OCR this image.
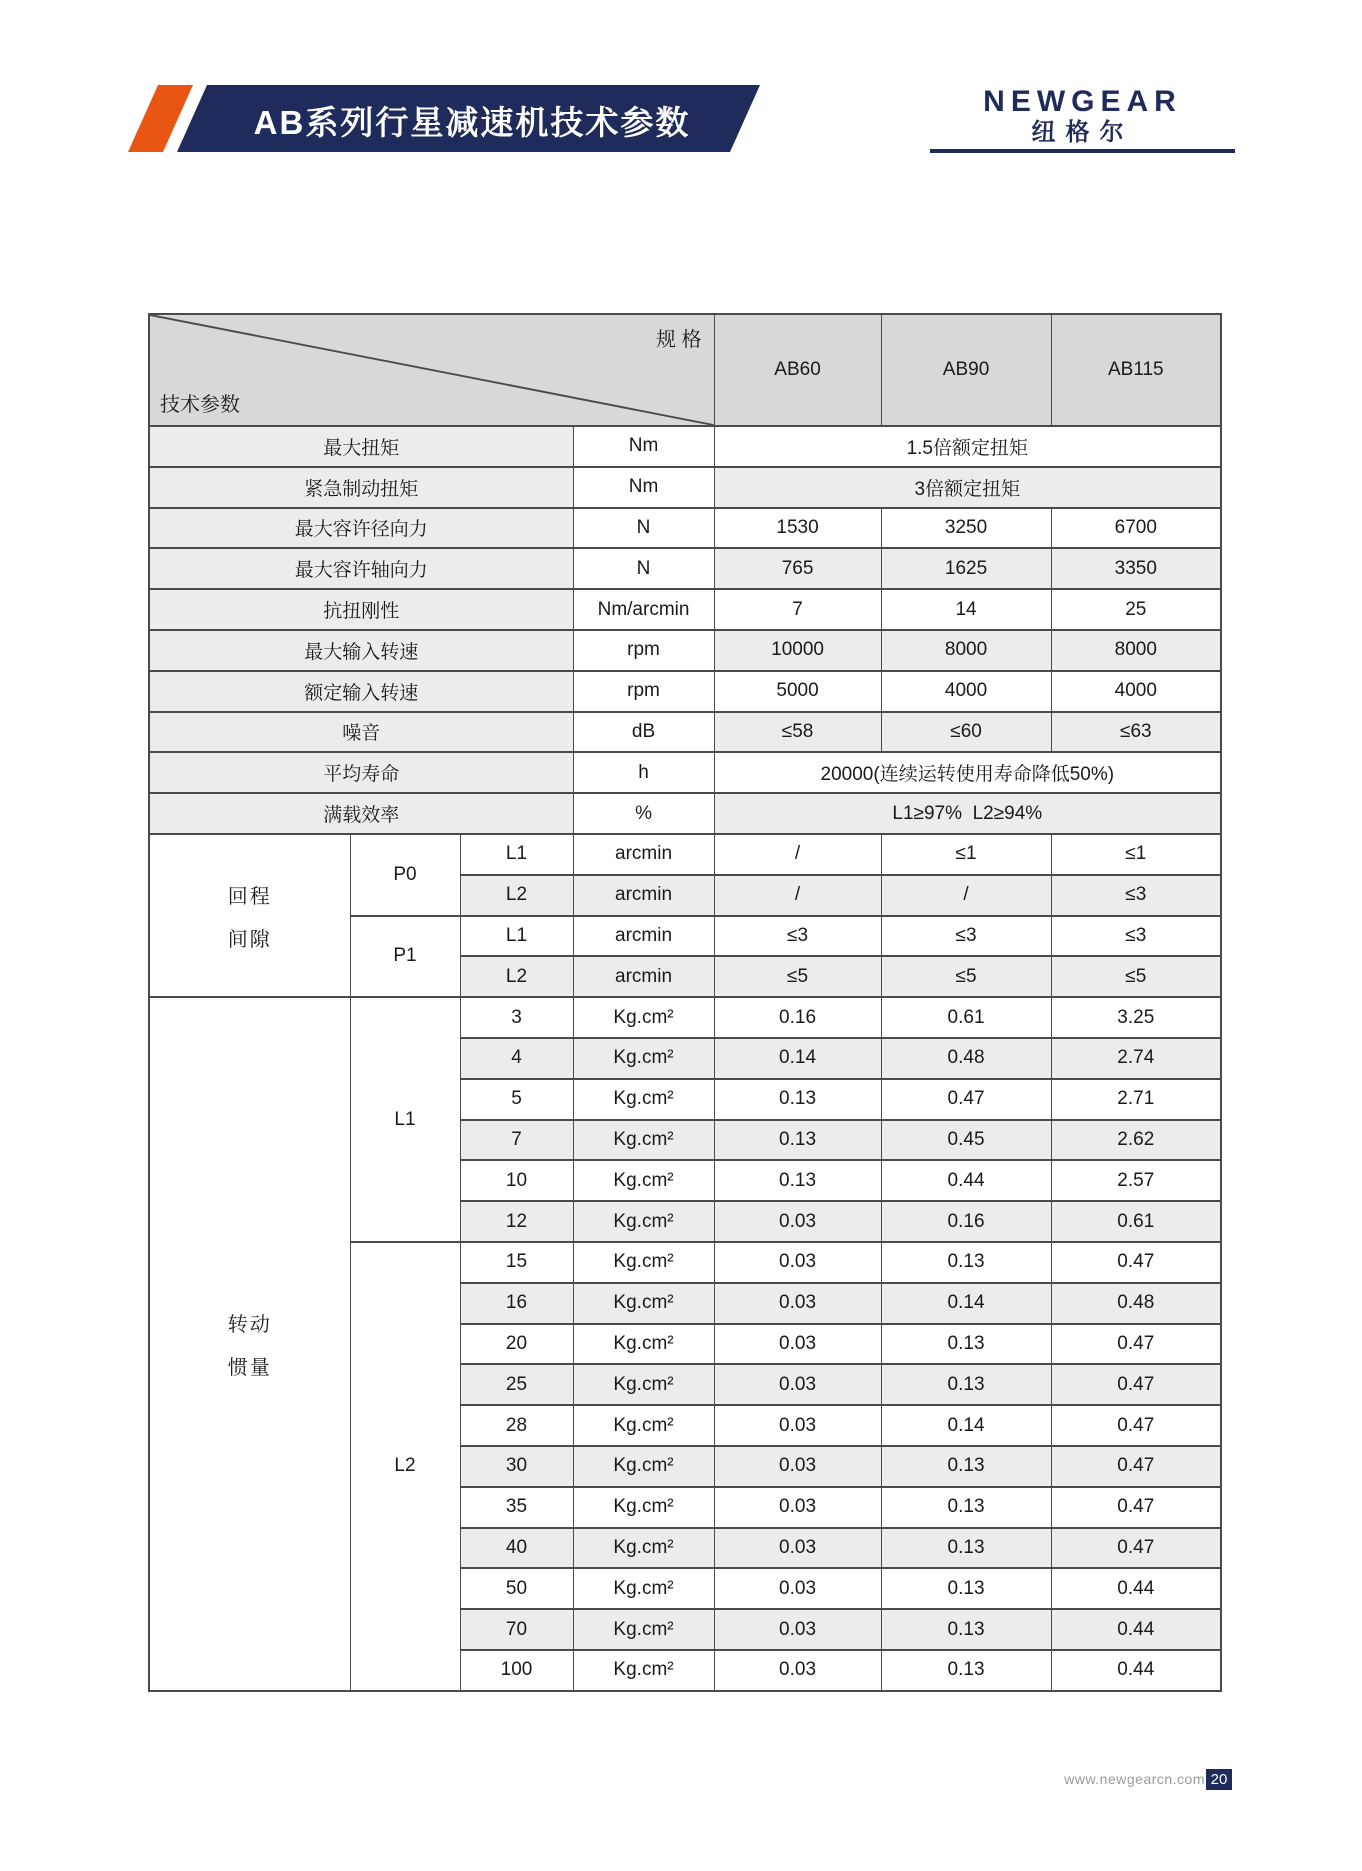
AB系列行星减速机技术参数
NEWGEAR
纽格尔

规 格

技术参数				AB60	AB90	AB115
最大扭矩			Nm	1.5倍额定扭矩		
紧急制动扭矩			Nm	3倍额定扭矩		
最大容许径向力			N	1530	3250	6700
最大容许轴向力			N	765	1625	3350
抗扭刚性			Nm/arcmin	7	14	25
最大输入转速			rpm	10000	8000	8000
额定输入转速			rpm	5000	4000	4000
噪音			dB	≤58	≤60	≤63
平均寿命			h	20000(连续运转使用寿命降低50%)		
满载效率			%	L1≥97%  L2≥94%		

回程
间隙	P0	L1	arcmin	/	≤1	≤1
		L2	arcmin	/	/	≤3
	P1	L1	arcmin	≤3	≤3	≤3
		L2	arcmin	≤5	≤5	≤5

转动
惯量	L1	3	Kg.cm²	0.16	0.61	3.25
		4	Kg.cm²	0.14	0.48	2.74
		5	Kg.cm²	0.13	0.47	2.71
		7	Kg.cm²	0.13	0.45	2.62
		10	Kg.cm²	0.13	0.44	2.57
		12	Kg.cm²	0.03	0.16	0.61
	L2	15	Kg.cm²	0.03	0.13	0.47
		16	Kg.cm²	0.03	0.14	0.48
		20	Kg.cm²	0.03	0.13	0.47
		25	Kg.cm²	0.03	0.13	0.47
		28	Kg.cm²	0.03	0.14	0.47
		30	Kg.cm²	0.03	0.13	0.47
		35	Kg.cm²	0.03	0.13	0.47
		40	Kg.cm²	0.03	0.13	0.47
		50	Kg.cm²	0.03	0.13	0.44
		70	Kg.cm²	0.03	0.13	0.44
		100	Kg.cm²	0.03	0.13	0.44
www.newgearcn.com 20
